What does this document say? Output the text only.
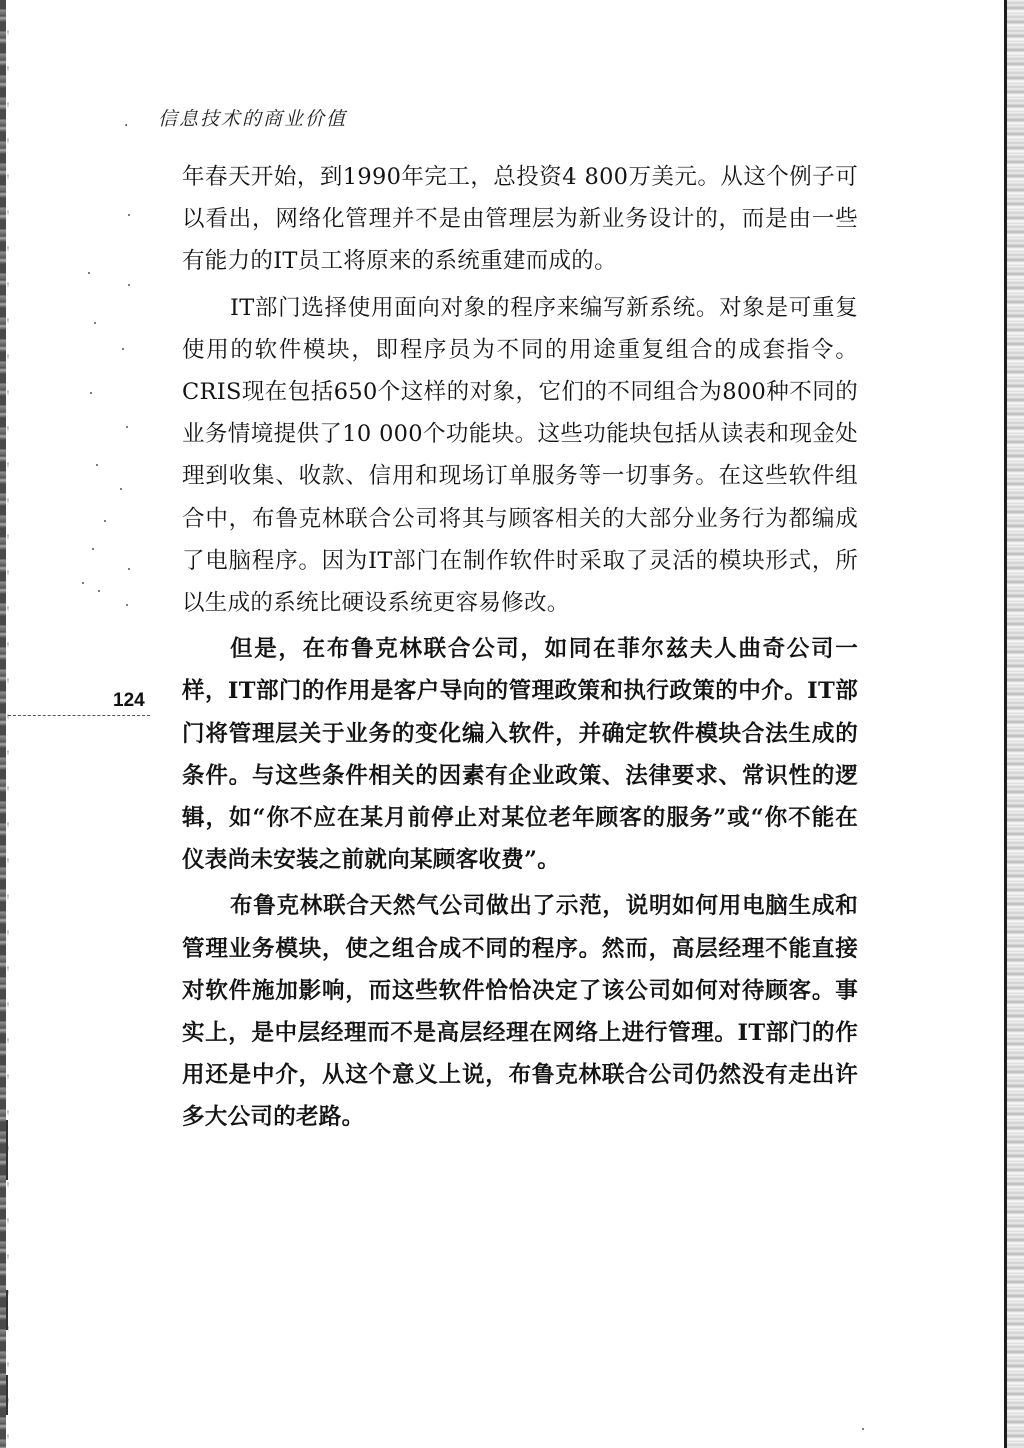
. 信息技术的商业价值
124

年春天开始，到1990年完工，总投资4 800万美元。从这个例子可以看出，网络化管理并不是由管理层为新业务设计的，而是由一些有能力的IT员工将原来的系统重建而成的。

IT部门选择使用面向对象的程序来编写新系统。对象是可重复使用的软件模块，即程序员为不同的用途重复组合的成套指令。CRIS现在包括650个这样的对象，它们的不同组合为800种不同的业务情境提供了10 000个功能块。这些功能块包括从读表和现金处理到收集、收款、信用和现场订单服务等一切事务。在这些软件组合中，布鲁克林联合公司将其与顾客相关的大部分业务行为都编成了电脑程序。因为IT部门在制作软件时采取了灵活的模块形式，所以生成的系统比硬设系统更容易修改。

但是，在布鲁克林联合公司，如同在菲尔兹夫人曲奇公司一样，IT部门的作用是客户导向的管理政策和执行政策的中介。IT部门将管理层关于业务的变化编入软件，并确定软件模块合法生成的条件。与这些条件相关的因素有企业政策、法律要求、常识性的逻辑，如“你不应在某月前停止对某位老年顾客的服务”或“你不能在仪表尚未安装之前就向某顾客收费”。

布鲁克林联合天然气公司做出了示范，说明如何用电脑生成和管理业务模块，使之组合成不同的程序。然而，高层经理不能直接对软件施加影响，而这些软件恰恰决定了该公司如何对待顾客。事实上，是中层经理而不是高层经理在网络上进行管理。IT部门的作用还是中介，从这个意义上说，布鲁克林联合公司仍然没有走出许多大公司的老路。
